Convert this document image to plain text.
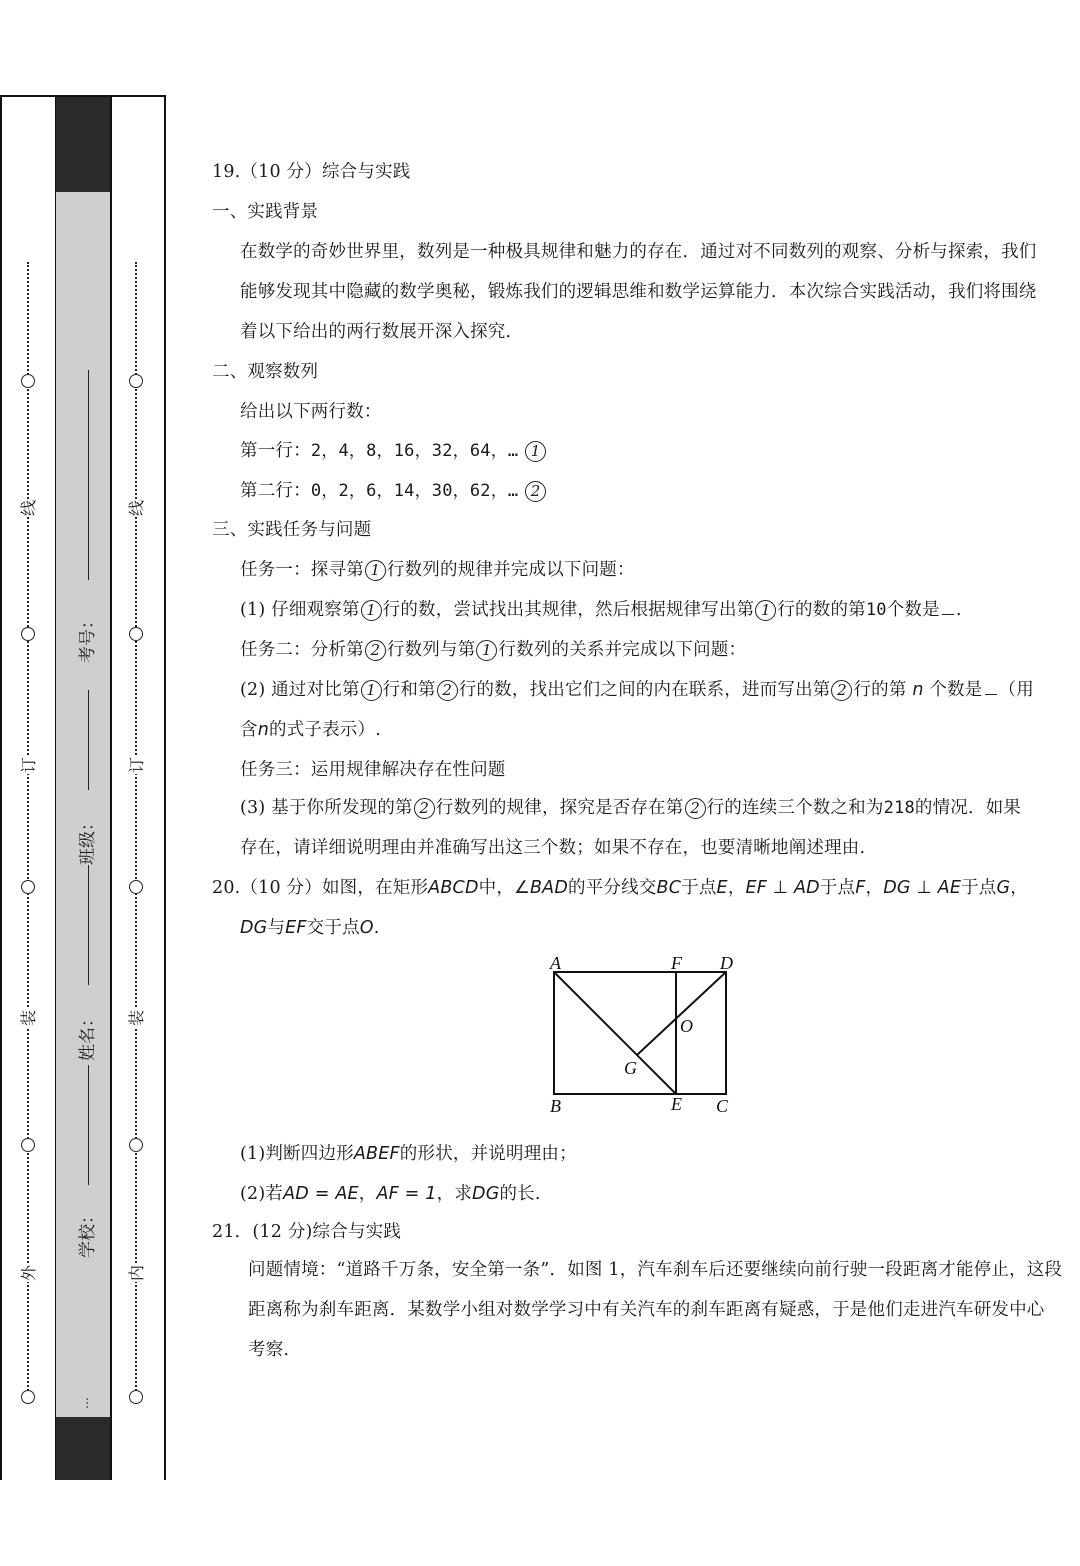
线
订
装
外
线
订
装
内
考号：
班级：
姓名：
学校：
…
19.（10 分）综合与实践
一、实践背景
在数学的奇妙世界里，数列是一种极具规律和魅力的存在．通过对不同数列的观察、分析与探索，我们
能够发现其中隐藏的数学奥秘，锻炼我们的逻辑思维和数学运算能力．本次综合实践活动，我们将围绕
着以下给出的两行数展开深入探究．
二、观察数列
给出以下两行数：
第一行：2，4，8，16，32，64，… 1
第二行：0，2，6，14，30，62，… 2
三、实践任务与问题
任务一：探寻第 1 行数列的规律并完成以下问题：
(1) 仔细观察第 1 行的数，尝试找出其规律，然后根据规律写出第 1 行的数的第10个数是 .
任务二：分析第 2 行数列与第 1 行数列的关系并完成以下问题：
(2) 通过对比第 1 行和第 2 行的数，找出它们之间的内在联系，进而写出第 2 行的第 n 个数是 （用
含n的式子表示）.
任务三：运用规律解决存在性问题
(3) 基于你所发现的第 2 行数列的规律，探究是否存在第 2 行的连续三个数之和为218的情况．如果
存在，请详细说明理由并准确写出这三个数；如果不存在，也要清晰地阐述理由.
20.（10 分）如图，在矩形ABCD中，∠BAD的平分线交BC于点E，EF ⊥ AD于点F，DG ⊥ AE于点G，
DG与EF交于点O.
A	F D
O
G
B	E C
(1)判断四边形ABEF的形状，并说明理由；
(2)若AD = AE，AF = 1，求DG的长.
21．(12 分)综合与实践
问题情境：“道路千万条，安全第一条”．如图 1，汽车刹车后还要继续向前行驶一段距离才能停止，这段
距离称为刹车距离．某数学小组对数学学习中有关汽车的刹车距离有疑惑，于是他们走进汽车研发中心
考察.
